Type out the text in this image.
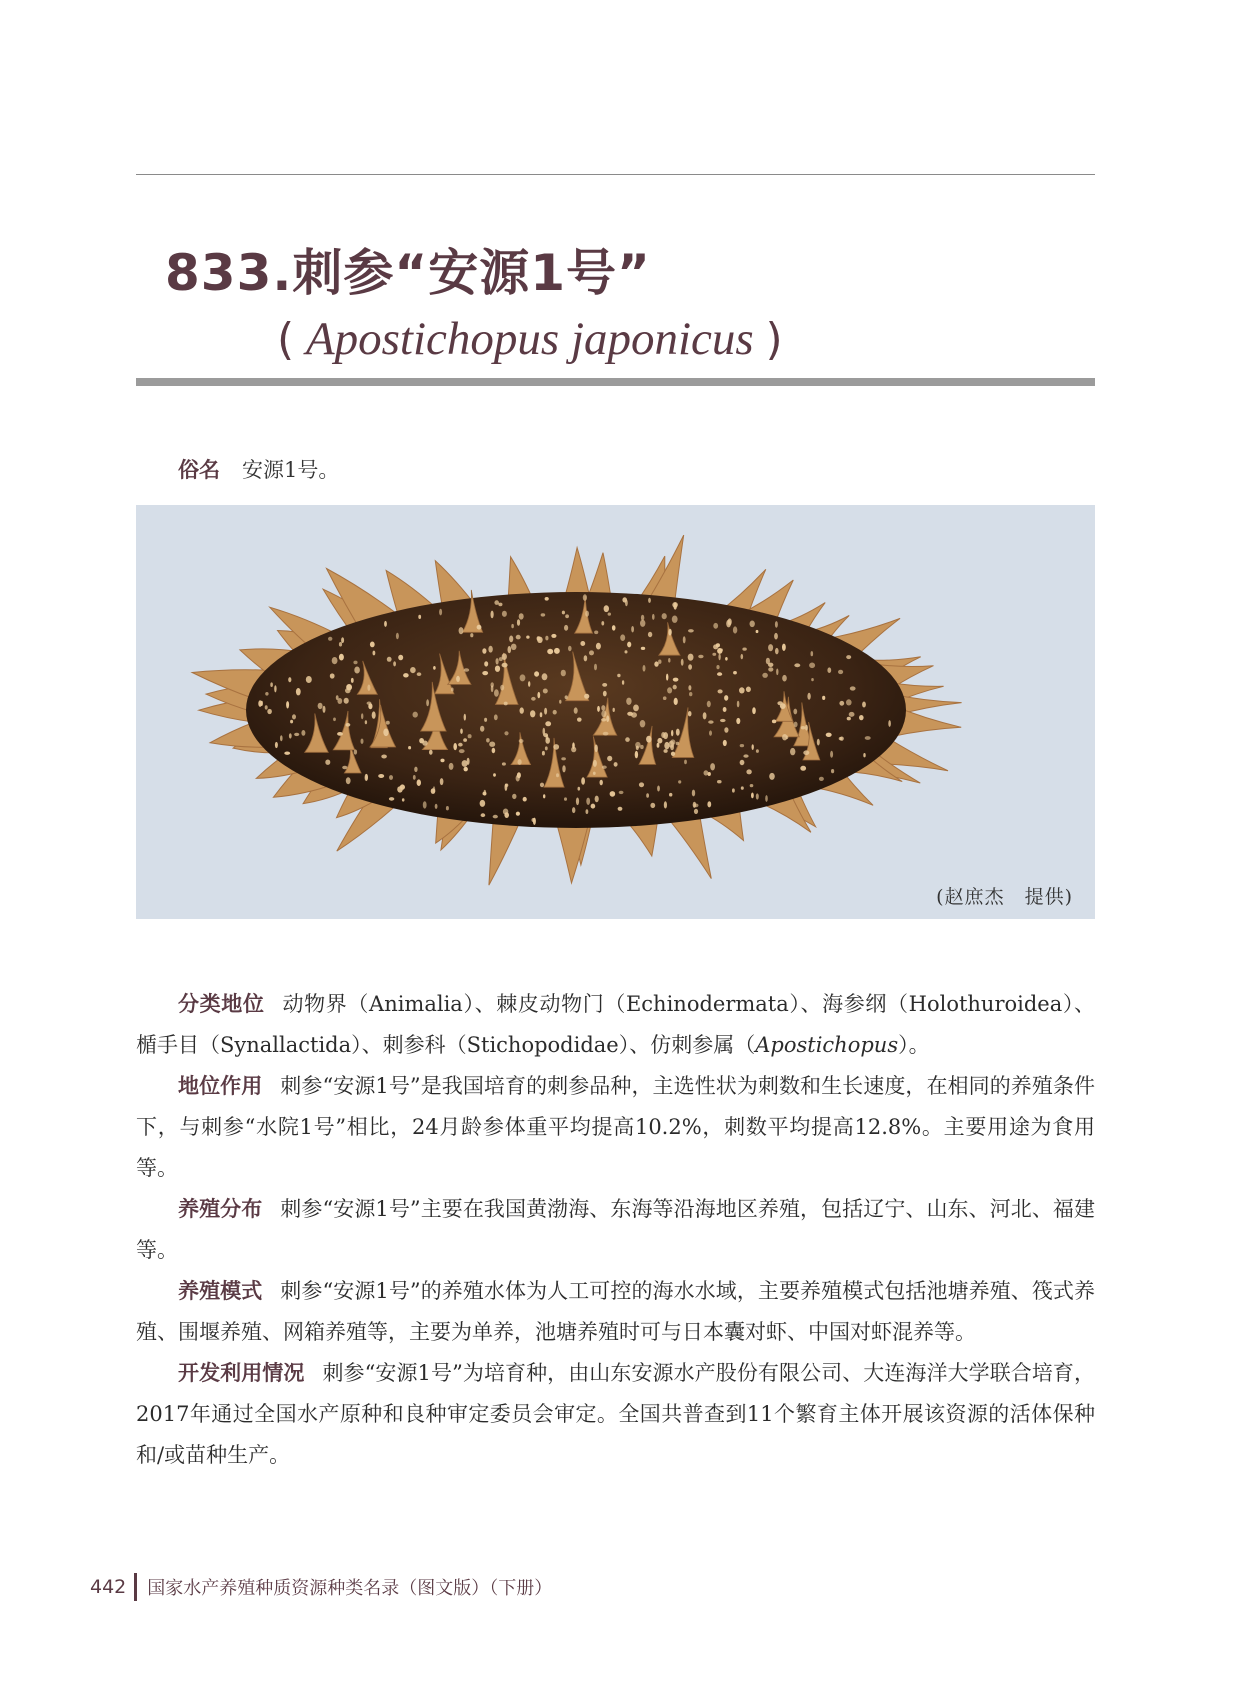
833.刺参“安源1号”
( Apostichopus japonicus )
俗名 安源1号。
(赵庶杰　提供)

分类地位 动物界（Animalia）、棘皮动物门（Echinodermata）、海参纲（Holothuroidea）、楯手目（Synallactida）、刺参科（Stichopodidae）、仿刺参属（Apostichopus）。

地位作用 刺参“安源1号”是我国培育的刺参品种，主选性状为刺数和生长速度，在相同的养殖条件下，与刺参“水院1号”相比，24月龄参体重平均提高10.2%，刺数平均提高12.8%。主要用途为食用等。

养殖分布 刺参“安源1号”主要在我国黄渤海、东海等沿海地区养殖，包括辽宁、山东、河北、福建等。

养殖模式 刺参“安源1号”的养殖水体为人工可控的海水水域，主要养殖模式包括池塘养殖、筏式养殖、围堰养殖、网箱养殖等，主要为单养，池塘养殖时可与日本囊对虾、中国对虾混养等。

开发利用情况 刺参“安源1号”为培育种，由山东安源水产股份有限公司、大连海洋大学联合培育，2017年通过全国水产原种和良种审定委员会审定。全国共普查到11个繁育主体开展该资源的活体保种和/或苗种生产。

442 国家水产养殖种质资源种类名录（图文版）（下册）
